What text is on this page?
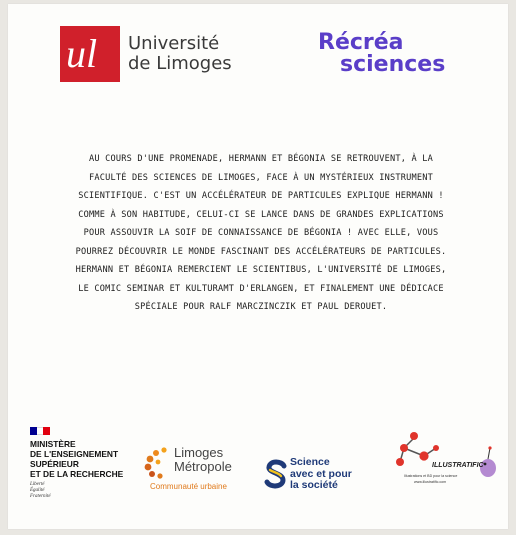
ul Université
de Limoges
Récréa
sciences
AU COURS D'UNE PROMENADE, HERMANN ET BÉGONIA SE RETROUVENT, À LA FACULTÉ DES SCIENCES DE LIMOGES, FACE À UN MYSTÉRIEUX INSTRUMENT SCIENTIFIQUE. C'EST UN ACCÉLÉRATEUR DE PARTICULES EXPLIQUE HERMANN ! COMME À SON HABITUDE, CELUI-CI SE LANCE DANS DE GRANDES EXPLICATIONS POUR ASSOUVIR LA SOIF DE CONNAISSANCE DE BÉGONIA ! AVEC ELLE, VOUS POURREZ DÉCOUVRIR LE MONDE FASCINANT DES ACCÉLÉRATEURS DE PARTICULES. HERMANN ET BÉGONIA REMERCIENT LE SCIENTIBUS, L'UNIVERSITÉ DE LIMOGES, LE COMIC SEMINAR ET KULTURAMT D'ERLANGEN, ET FINALEMENT UNE DÉDICACE SPÉCIALE POUR RALF MARCZINCZIK ET PAUL DEROUET.
MINISTÈRE
DE L'ENSEIGNEMENT
SUPÉRIEUR
ET DE LA RECHERCHE
Liberté
Égalité
Fraternité
Limoges
Métropole
Communauté urbaine
Science
avec et pour
la société
ILLUSTRATIFIC
Illustrations et BD pour la science
www.illustratific.com
